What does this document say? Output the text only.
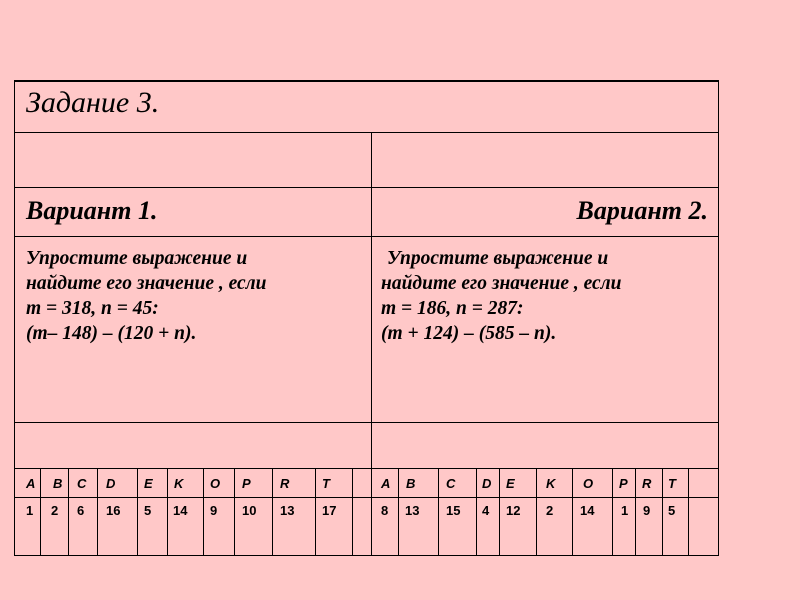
Задание 3.
Вариант 1.	Вариант 2.
Упростите выражение и
найдите его значение , если
m = 318, n = 45:
(m– 148) – (120 + n).
Упростите выражение и
найдите его значение , если
m = 186, n = 287:
(m + 124) – (585 – n).
A B C D E K O P R	T
1 2 6 16 5 14 9 10 13 17
A B C D E K O P R T
8 13 15 4 12 2 14 1 9 5
